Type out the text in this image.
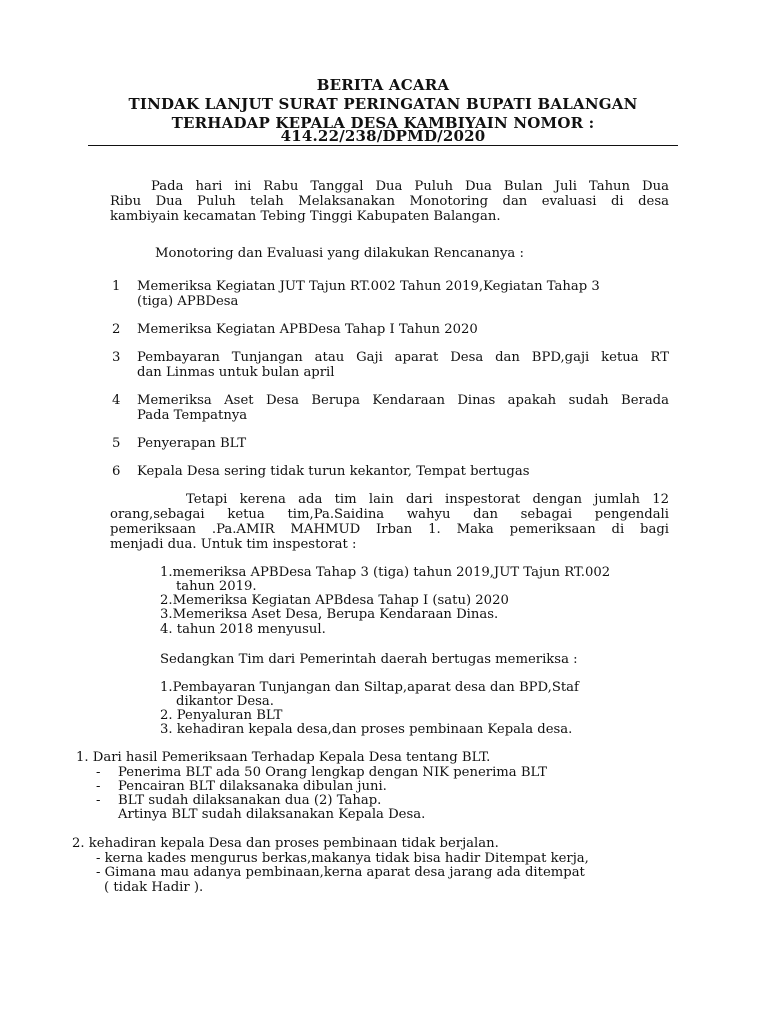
BERITA ACARA
TINDAK LANJUT SURAT PERINGATAN BUPATI BALANGAN
TERHADAP KEPALA DESA KAMBIYAIN NOMOR :
414.22/238/DPMD/2020
Pada hari ini Rabu Tanggal Dua Puluh Dua Bulan Juli Tahun Dua
Ribu Dua Puluh telah Melaksanakan Monotoring dan evaluasi di desa
kambiyain kecamatan Tebing Tinggi Kabupaten Balangan.
Monotoring dan Evaluasi yang dilakukan Rencananya :
1 Memeriksa Kegiatan JUT Tajun RT.002 Tahun 2019,Kegiatan Tahap 3
(tiga) APBDesa
2 Memeriksa Kegiatan APBDesa Tahap I Tahun 2020
3 Pembayaran Tunjangan atau Gaji aparat Desa dan BPD,gaji ketua RT
dan Linmas untuk bulan april
4 Memeriksa Aset Desa Berupa Kendaraan Dinas apakah sudah Berada
Pada Tempatnya
5 Penyerapan BLT
6 Kepala Desa sering tidak turun kekantor, Tempat bertugas
Tetapi kerena ada tim lain dari inspestorat dengan jumlah 12
orang,sebagai ketua tim,Pa.Saidina wahyu dan sebagai pengendali
pemeriksaan .Pa.AMIR MAHMUD Irban 1. Maka pemeriksaan di bagi
menjadi dua. Untuk tim inspestorat :
1.memeriksa APBDesa Tahap 3 (tiga) tahun 2019,JUT Tajun RT.002
tahun 2019.
2.Memeriksa Kegiatan APBdesa Tahap I (satu) 2020
3.Memeriksa Aset Desa, Berupa Kendaraan Dinas.
4. tahun 2018 menyusul.
Sedangkan Tim dari Pemerintah daerah bertugas memeriksa :
1.Pembayaran Tunjangan dan Siltap,aparat desa dan BPD,Staf
dikantor Desa.
2. Penyaluran BLT
3. kehadiran kepala desa,dan proses pembinaan Kepala desa.
1. Dari hasil Pemeriksaan Terhadap Kepala Desa tentang BLT.
- Penerima BLT ada 50 Orang lengkap dengan NIK penerima BLT
- Pencairan BLT dilaksanaka dibulan juni.
- BLT sudah dilaksanakan dua (2) Tahap.
Artinya BLT sudah dilaksanakan Kepala Desa.
2. kehadiran kepala Desa dan proses pembinaan tidak berjalan.
- kerna kades mengurus berkas,makanya tidak bisa hadir Ditempat kerja,
- Gimana mau adanya pembinaan,kerna aparat desa jarang ada ditempat
( tidak Hadir ).
